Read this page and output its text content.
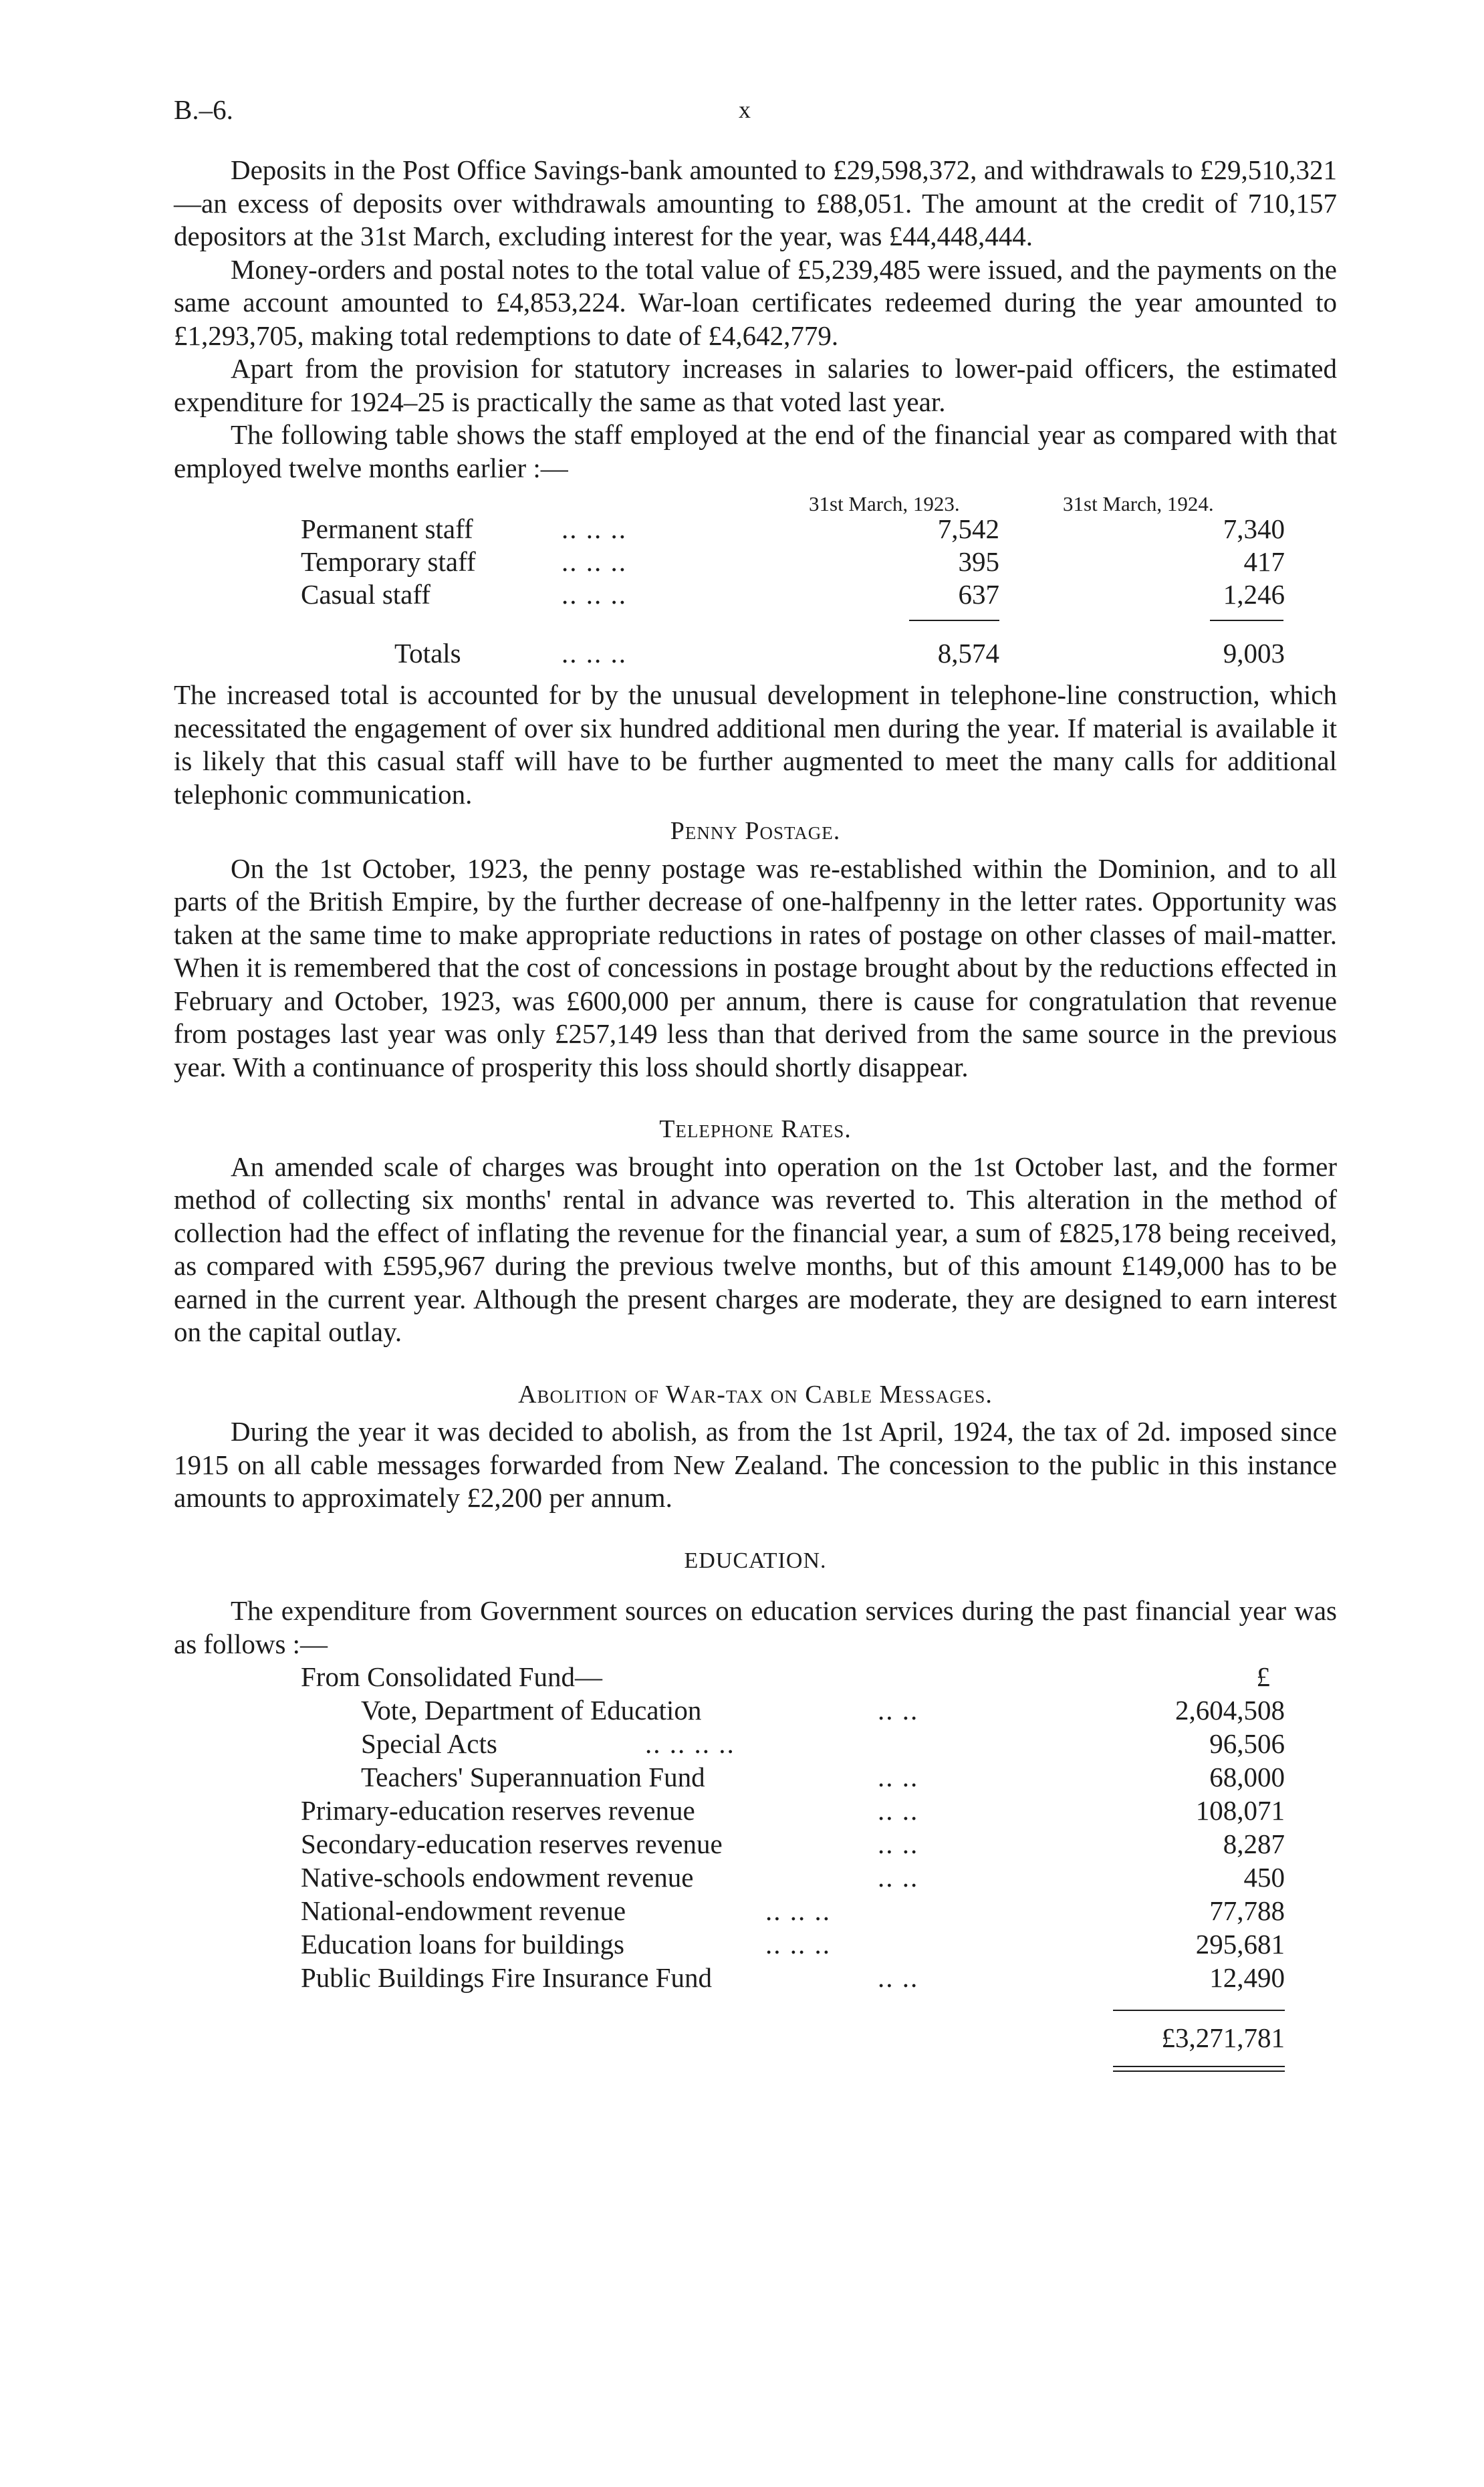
B.–6.	x

Deposits in the Post Office Savings-bank amounted to £29,598,372, and withdrawals to £29,510,321—an excess of deposits over withdrawals amounting to £88,051. The amount at the credit of 710,157 depositors at the 31st March, excluding interest for the year, was £44,448,444.

Money-orders and postal notes to the total value of £5,239,485 were issued, and the payments on the same account amounted to £4,853,224. War-loan certificates redeemed during the year amounted to £1,293,705, making total redemptions to date of £4,642,779.

Apart from the provision for statutory increases in salaries to lower-paid officers, the estimated expenditure for 1924–25 is practically the same as that voted last year.

The following table shows the staff employed at the end of the financial year as compared with that employed twelve months earlier :—

31st March, 1923.	31st March, 1924.
Permanent staff	.. .. ..	7,542	7,340
Temporary staff	.. .. ..	395	417
Casual staff	.. .. ..	637	1,246
Totals	.. .. ..	8,574	9,003

The increased total is accounted for by the unusual development in telephone-line construction, which necessitated the engagement of over six hundred additional men during the year. If material is available it is likely that this casual staff will have to be further augmented to meet the many calls for additional telephonic communication.

Penny Postage.

On the 1st October, 1923, the penny postage was re-established within the Dominion, and to all parts of the British Empire, by the further decrease of one-halfpenny in the letter rates. Opportunity was taken at the same time to make appropriate reductions in rates of postage on other classes of mail-matter. When it is remembered that the cost of concessions in postage brought about by the reductions effected in February and October, 1923, was £600,000 per annum, there is cause for congratulation that revenue from postages last year was only £257,149 less than that derived from the same source in the previous year. With a continuance of prosperity this loss should shortly disappear.

Telephone Rates.

An amended scale of charges was brought into operation on the 1st October last, and the former method of collecting six months' rental in advance was reverted to. This alteration in the method of collection had the effect of inflating the revenue for the financial year, a sum of £825,178 being received, as compared with £595,967 during the previous twelve months, but of this amount £149,000 has to be earned in the current year. Although the present charges are moderate, they are designed to earn interest on the capital outlay.

Abolition of War-tax on Cable Messages.

During the year it was decided to abolish, as from the 1st April, 1924, the tax of 2d. imposed since 1915 on all cable messages forwarded from New Zealand. The concession to the public in this instance amounts to approximately £2,200 per annum.

EDUCATION.

The expenditure from Government sources on education services during the past financial year was as follows :—

From Consolidated Fund—	£
Vote, Department of Education	.. ..	2,604,508
Special Acts	.. .. .. ..	96,506
Teachers' Superannuation Fund	.. ..	68,000
Primary-education reserves revenue	.. ..	108,071
Secondary-education reserves revenue	.. ..	8,287
Native-schools endowment revenue	.. ..	450
National-endowment revenue	.. .. ..	77,788
Education loans for buildings	.. .. ..	295,681
Public Buildings Fire Insurance Fund	.. ..	12,490
£3,271,781
